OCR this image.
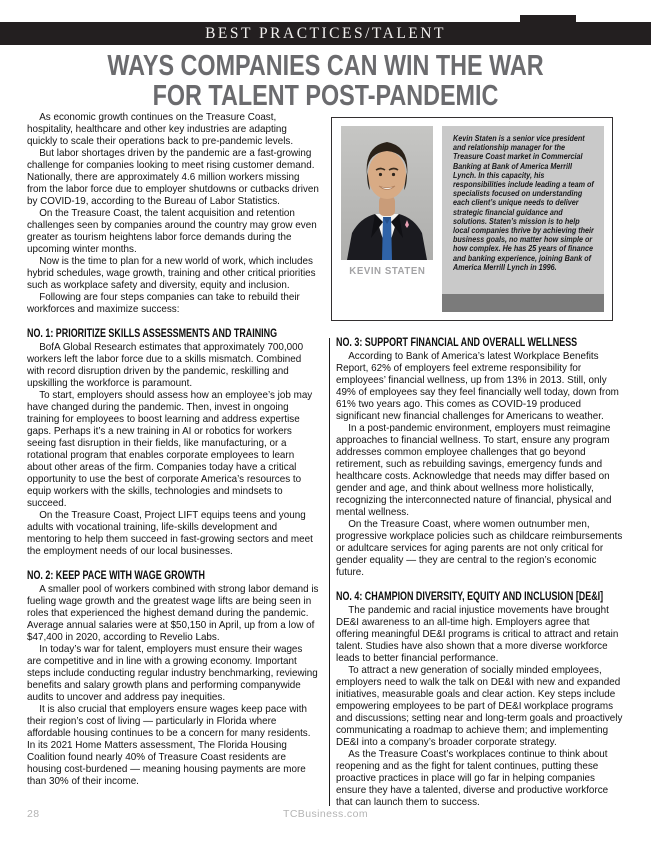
BEST PRACTICES/TALENT
WAYS COMPANIES CAN WIN THE WAR
FOR TALENT POST-PANDEMIC

As economic growth continues on the Treasure Coast, hospitality, healthcare and other key industries are adapting quickly to scale their operations back to pre-pandemic levels.

But labor shortages driven by the pandemic are a fast-growing challenge for companies looking to meet rising customer demand. Nationally, there are approximately 4.6 million workers missing from the labor force due to employer shutdowns or cutbacks driven by COVID-19, according to the Bureau of Labor Statistics.

On the Treasure Coast, the talent acquisition and retention challenges seen by companies around the country may grow even greater as tourism heightens labor force demands during the upcoming winter months.

Now is the time to plan for a new world of work, which includes hybrid schedules, wage growth, training and other critical priorities such as workplace safety and diversity, equity and inclusion.

Following are four steps companies can take to rebuild their workforces and maximize success:

NO. 1: PRIORITIZE SKILLS ASSESSMENTS AND TRAINING

BofA Global Research estimates that approximately 700,000 workers left the labor force due to a skills mismatch. Combined with record disruption driven by the pandemic, reskilling and upskilling the workforce is paramount.

To start, employers should assess how an employee’s job may have changed during the pandemic. Then, invest in ongoing training for employees to boost learning and address expertise gaps. Perhaps it’s a new training in AI or robotics for workers seeing fast disruption in their fields, like manufacturing, or a rotational program that enables corporate employees to learn about other areas of the firm. Companies today have a critical opportunity to use the best of corporate America’s resources to equip workers with the skills, technologies and mindsets to succeed.

On the Treasure Coast, Project LIFT equips teens and young adults with vocational training, life-skills development and mentoring to help them succeed in fast-growing sectors and meet the employment needs of our local businesses.

NO. 2: KEEP PACE WITH WAGE GROWTH

A smaller pool of workers combined with strong labor demand is fueling wage growth and the greatest wage lifts are being seen in roles that experienced the highest demand during the pandemic. Average annual salaries were at $50,150 in April, up from a low of $47,400 in 2020, according to Revelio Labs.

In today’s war for talent, employers must ensure their wages are competitive and in line with a growing economy. Important steps include conducting regular industry benchmarking, reviewing benefits and salary growth plans and performing companywide audits to uncover and address pay inequities.

It is also crucial that employers ensure wages keep pace with their region’s cost of living — particularly in Florida where affordable housing continues to be a concern for many residents. In its 2021 Home Matters assessment, The Florida Housing Coalition found nearly 40% of Treasure Coast residents are housing cost-burdened — meaning housing payments are more than 30% of their income.

KEVIN STATEN
Kevin Staten is a senior vice president and relationship manager for the Treasure Coast market in Commercial Banking at Bank of America Merrill Lynch. In this capacity, his responsibilities include leading a team of specialists focused on understanding each client’s unique needs to deliver strategic financial guidance and solutions. Staten’s mission is to help local companies thrive by achieving their business goals, no matter how simple or how complex. He has 25 years of finance and banking experience, joining Bank of America Merrill Lynch in 1996.
NO. 3: SUPPORT FINANCIAL AND OVERALL WELLNESS

According to Bank of America’s latest Workplace Benefits Report, 62% of employers feel extreme responsibility for employees’ financial wellness, up from 13% in 2013. Still, only 49% of employees say they feel financially well today, down from 61% two years ago. This comes as COVID-19 produced significant new financial challenges for Americans to weather.

In a post-pandemic environment, employers must reimagine approaches to financial wellness. To start, ensure any program addresses common employee challenges that go beyond retirement, such as rebuilding savings, emergency funds and healthcare costs. Acknowledge that needs may differ based on gender and age, and think about wellness more holistically, recognizing the interconnected nature of financial, physical and mental wellness.

On the Treasure Coast, where women outnumber men, progressive workplace policies such as childcare reimbursements or adultcare services for aging parents are not only critical for gender equality — they are central to the region’s economic future.

NO. 4: CHAMPION DIVERSITY, EQUITY AND INCLUSION [DE&I]

The pandemic and racial injustice movements have brought DE&I awareness to an all-time high. Employers agree that offering meaningful DE&I programs is critical to attract and retain talent. Studies have also shown that a more diverse workforce leads to better financial performance.

To attract a new generation of socially minded employees, employers need to walk the talk on DE&I with new and expanded initiatives, measurable goals and clear action. Key steps include empowering employees to be part of DE&I workplace programs and discussions; setting near and long-term goals and proactively communicating a roadmap to achieve them; and implementing DE&I into a company’s broader corporate strategy.

As the Treasure Coast’s workplaces continue to think about reopening and as the fight for talent continues, putting these proactive practices in place will go far in helping companies ensure they have a talented, diverse and productive workforce that can launch them to success.

28	TCBusiness.com
